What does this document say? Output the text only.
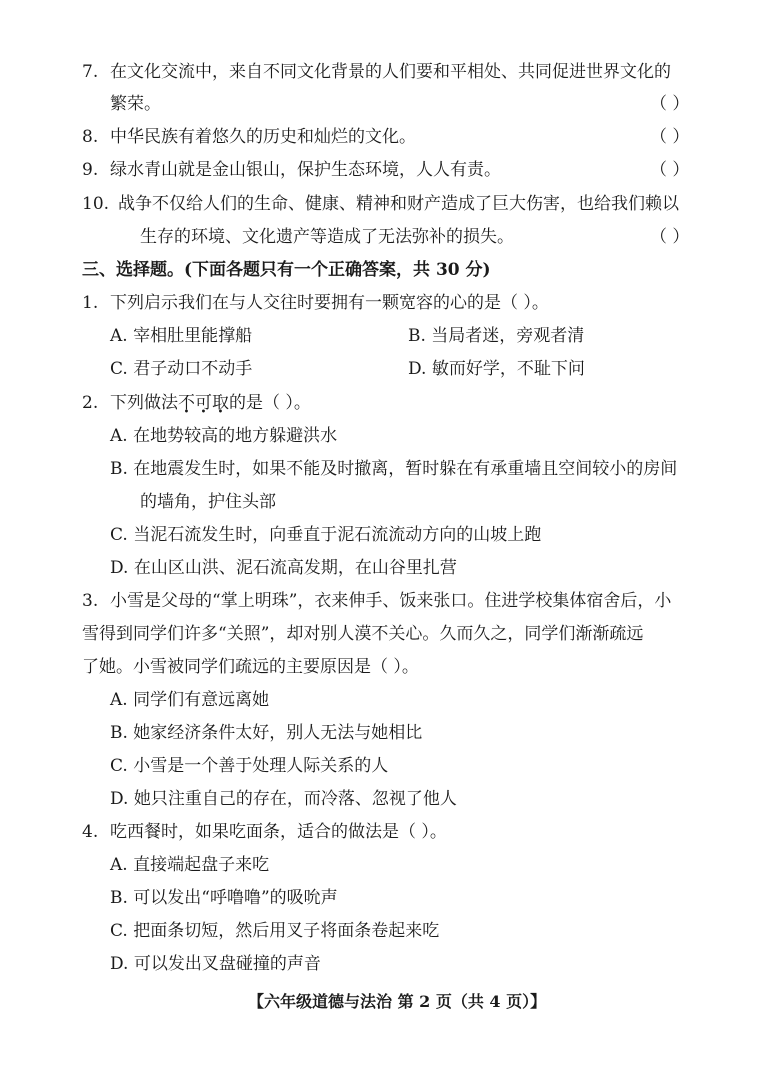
7. 在文化交流中，来自不同文化背景的人们要和平相处、共同促进世界文化的
繁荣。	（ ）
8. 中华民族有着悠久的历史和灿烂的文化。	（ ）
9. 绿水青山就是金山银山，保护生态环境，人人有责。	（ ）
10. 战争不仅给人们的生命、健康、精神和财产造成了巨大伤害，也给我们赖以
生存的环境、文化遗产等造成了无法弥补的损失。	（ ）
三、选择题。(下面各题只有一个正确答案，共 30 分)
1. 下列启示我们在与人交往时要拥有一颗宽容的心的是（ ）。
A. 宰相肚里能撑船	B. 当局者迷，旁观者清
C. 君子动口不动手	D. 敏而好学，不耻下问
2. 下列做法不可取的是（ ）。
A. 在地势较高的地方躲避洪水
B. 在地震发生时，如果不能及时撤离，暂时躲在有承重墙且空间较小的房间
的墙角，护住头部
C. 当泥石流发生时，向垂直于泥石流流动方向的山坡上跑
D. 在山区山洪、泥石流高发期，在山谷里扎营
3. 小雪是父母的“掌上明珠”，衣来伸手、饭来张口。住进学校集体宿舍后，小
雪得到同学们许多“关照”，却对别人漠不关心。久而久之，同学们渐渐疏远
了她。小雪被同学们疏远的主要原因是（ ）。
A. 同学们有意远离她
B. 她家经济条件太好，别人无法与她相比
C. 小雪是一个善于处理人际关系的人
D. 她只注重自己的存在，而冷落、忽视了他人
4. 吃西餐时，如果吃面条，适合的做法是（ ）。
A. 直接端起盘子来吃
B. 可以发出“呼噜噜”的吸吮声
C. 把面条切短，然后用叉子将面条卷起来吃
D. 可以发出叉盘碰撞的声音
【六年级道德与法治 第 2 页（共 4 页）】
